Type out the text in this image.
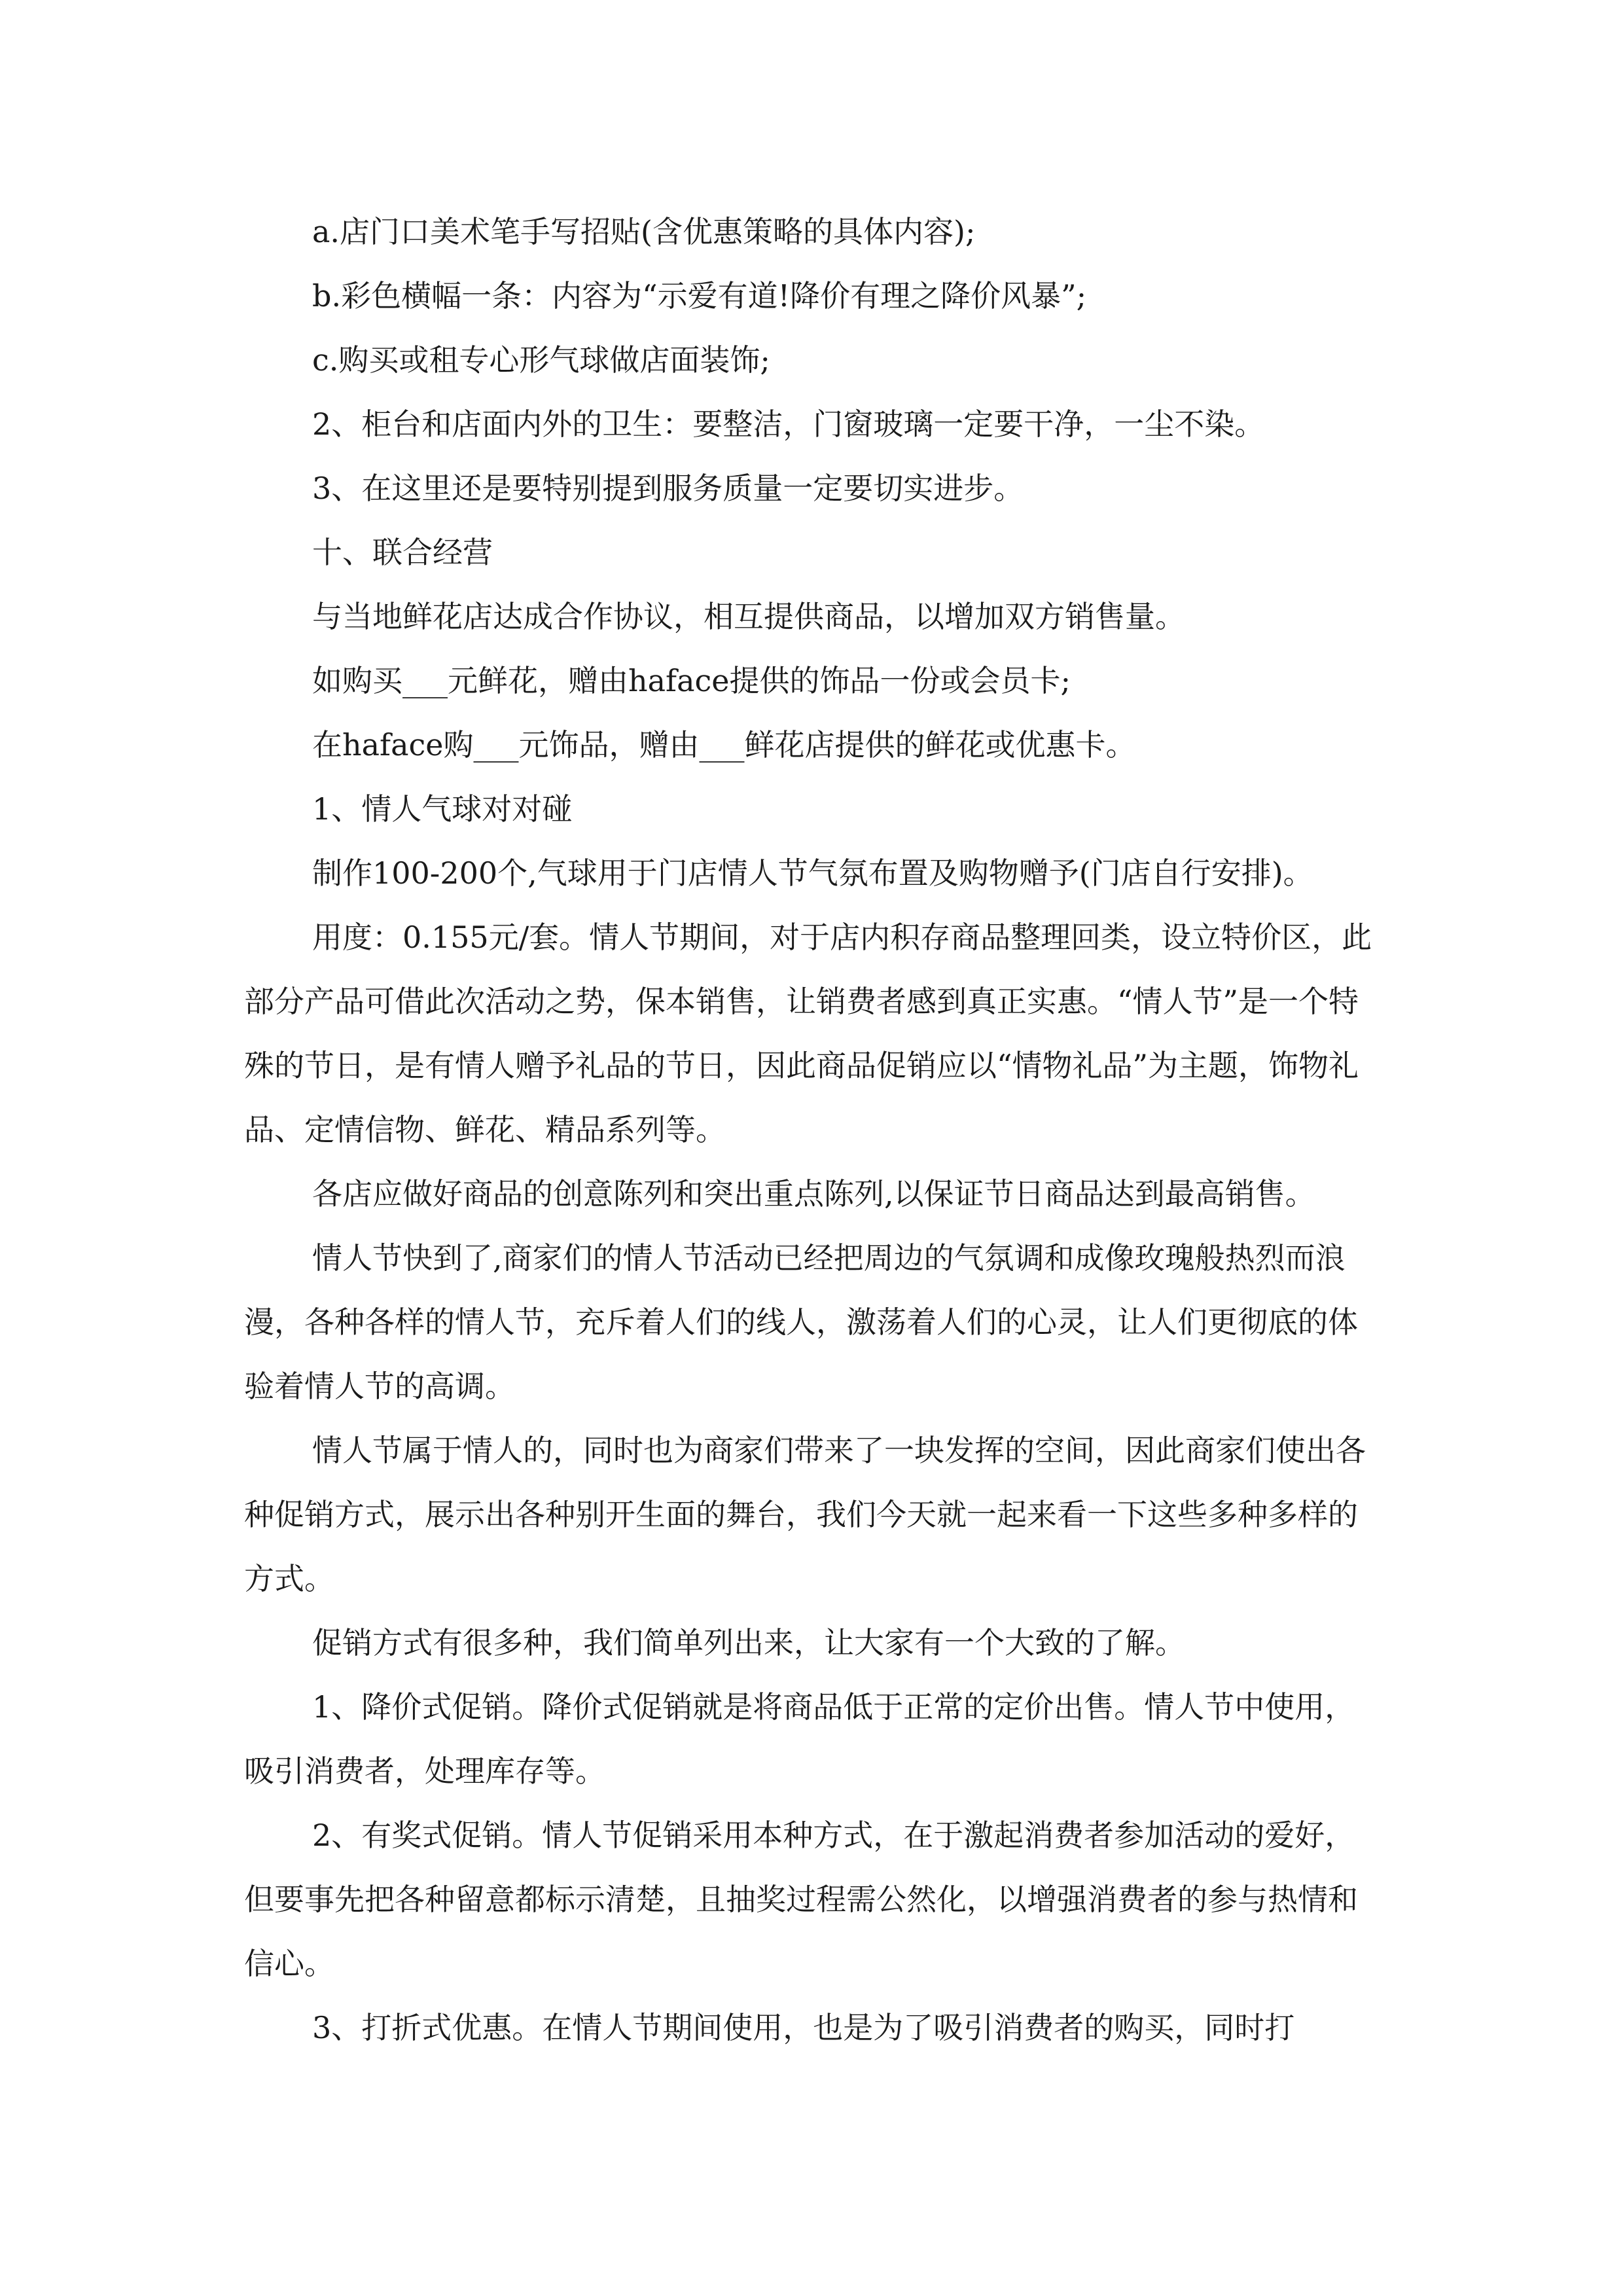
a.店门口美术笔手写招贴(含优惠策略的具体内容);

b.彩色横幅一条：内容为“示爱有道!降价有理之降价风暴”;

c.购买或租专心形气球做店面装饰;

2、柜台和店面内外的卫生：要整洁，门窗玻璃一定要干净，一尘不染。

3、在这里还是要特别提到服务质量一定要切实进步。

十、联合经营

与当地鲜花店达成合作协议，相互提供商品，以增加双方销售量。

如购买___元鲜花，赠由haface提供的饰品一份或会员卡;

在haface购___元饰品，赠由___鲜花店提供的鲜花或优惠卡。

1、情人气球对对碰

制作100-200个,气球用于门店情人节气氛布置及购物赠予(门店自行安排)。

用度：0.155元/套。情人节期间，对于店内积存商品整理回类，设立特价区，此部分产品可借此次活动之势，保本销售，让销费者感到真正实惠。“情人节”是一个特殊的节日，是有情人赠予礼品的节日，因此商品促销应以“情物礼品”为主题，饰物礼品、定情信物、鲜花、精品系列等。

各店应做好商品的创意陈列和突出重点陈列,以保证节日商品达到最高销售。

情人节快到了,商家们的情人节活动已经把周边的气氛调和成像玫瑰般热烈而浪漫，各种各样的情人节，充斥着人们的线人，激荡着人们的心灵，让人们更彻底的体验着情人节的高调。

情人节属于情人的，同时也为商家们带来了一块发挥的空间，因此商家们使出各种促销方式，展示出各种别开生面的舞台，我们今天就一起来看一下这些多种多样的方式。

促销方式有很多种，我们简单列出来，让大家有一个大致的了解。

1、降价式促销。降价式促销就是将商品低于正常的定价出售。情人节中使用，吸引消费者，处理库存等。

2、有奖式促销。情人节促销采用本种方式，在于激起消费者参加活动的爱好，但要事先把各种留意都标示清楚，且抽奖过程需公然化，以增强消费者的参与热情和信心。

3、打折式优惠。在情人节期间使用，也是为了吸引消费者的购买，同时打
